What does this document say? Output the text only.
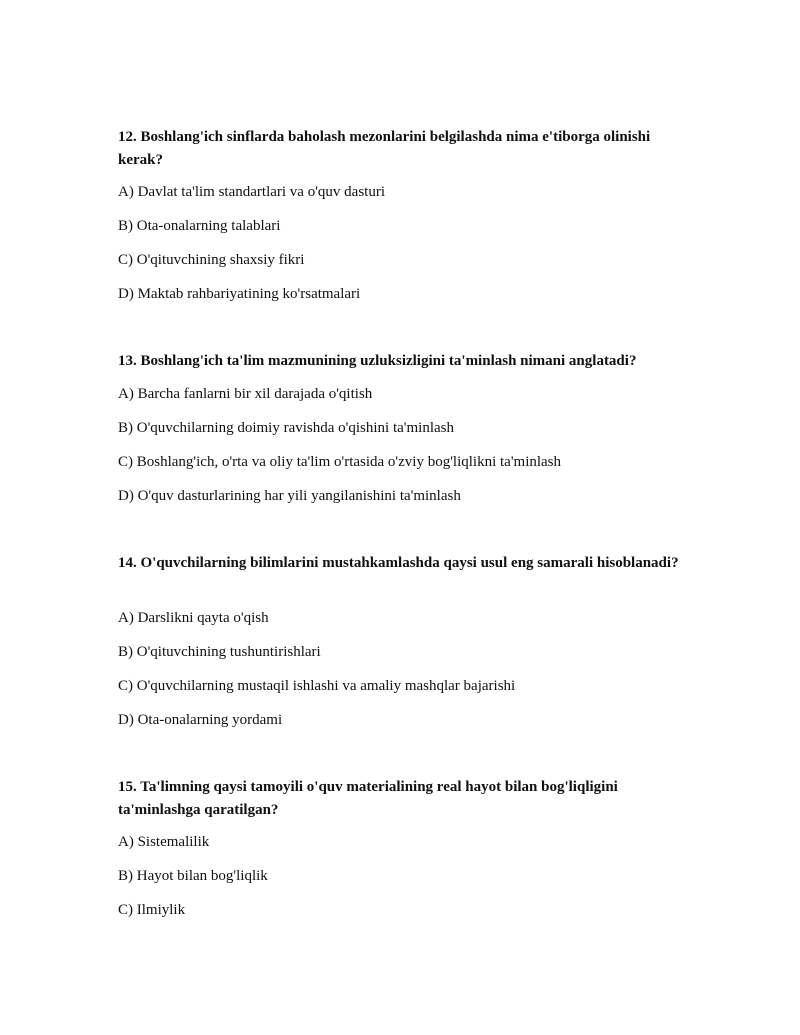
12. Boshlang'ich sinflarda baholash mezonlarini belgilashda nima e'tiborga olinishi kerak?

A) Davlat ta'lim standartlari va o'quv dasturi

B) Ota-onalarning talablari

C) O'qituvchining shaxsiy fikri

D) Maktab rahbariyatining ko'rsatmalari

13. Boshlang'ich ta'lim mazmunining uzluksizligini ta'minlash nimani anglatadi?

A) Barcha fanlarni bir xil darajada o'qitish

B) O'quvchilarning doimiy ravishda o'qishini ta'minlash

C) Boshlang'ich, o'rta va oliy ta'lim o'rtasida o'zviy bog'liqlikni ta'minlash

D) O'quv dasturlarining har yili yangilanishini ta'minlash

14. O'quvchilarning bilimlarini mustahkamlashda qaysi usul eng samarali hisoblanadi?

A) Darslikni qayta o'qish

B) O'qituvchining tushuntirishlari

C) O'quvchilarning mustaqil ishlashi va amaliy mashqlar bajarishi

D) Ota-onalarning yordami

15. Ta'limning qaysi tamoyili o'quv materialining real hayot bilan bog'liqligini ta'minlashga qaratilgan?

A) Sistemalilik

B) Hayot bilan bog'liqlik

C) Ilmiylik
